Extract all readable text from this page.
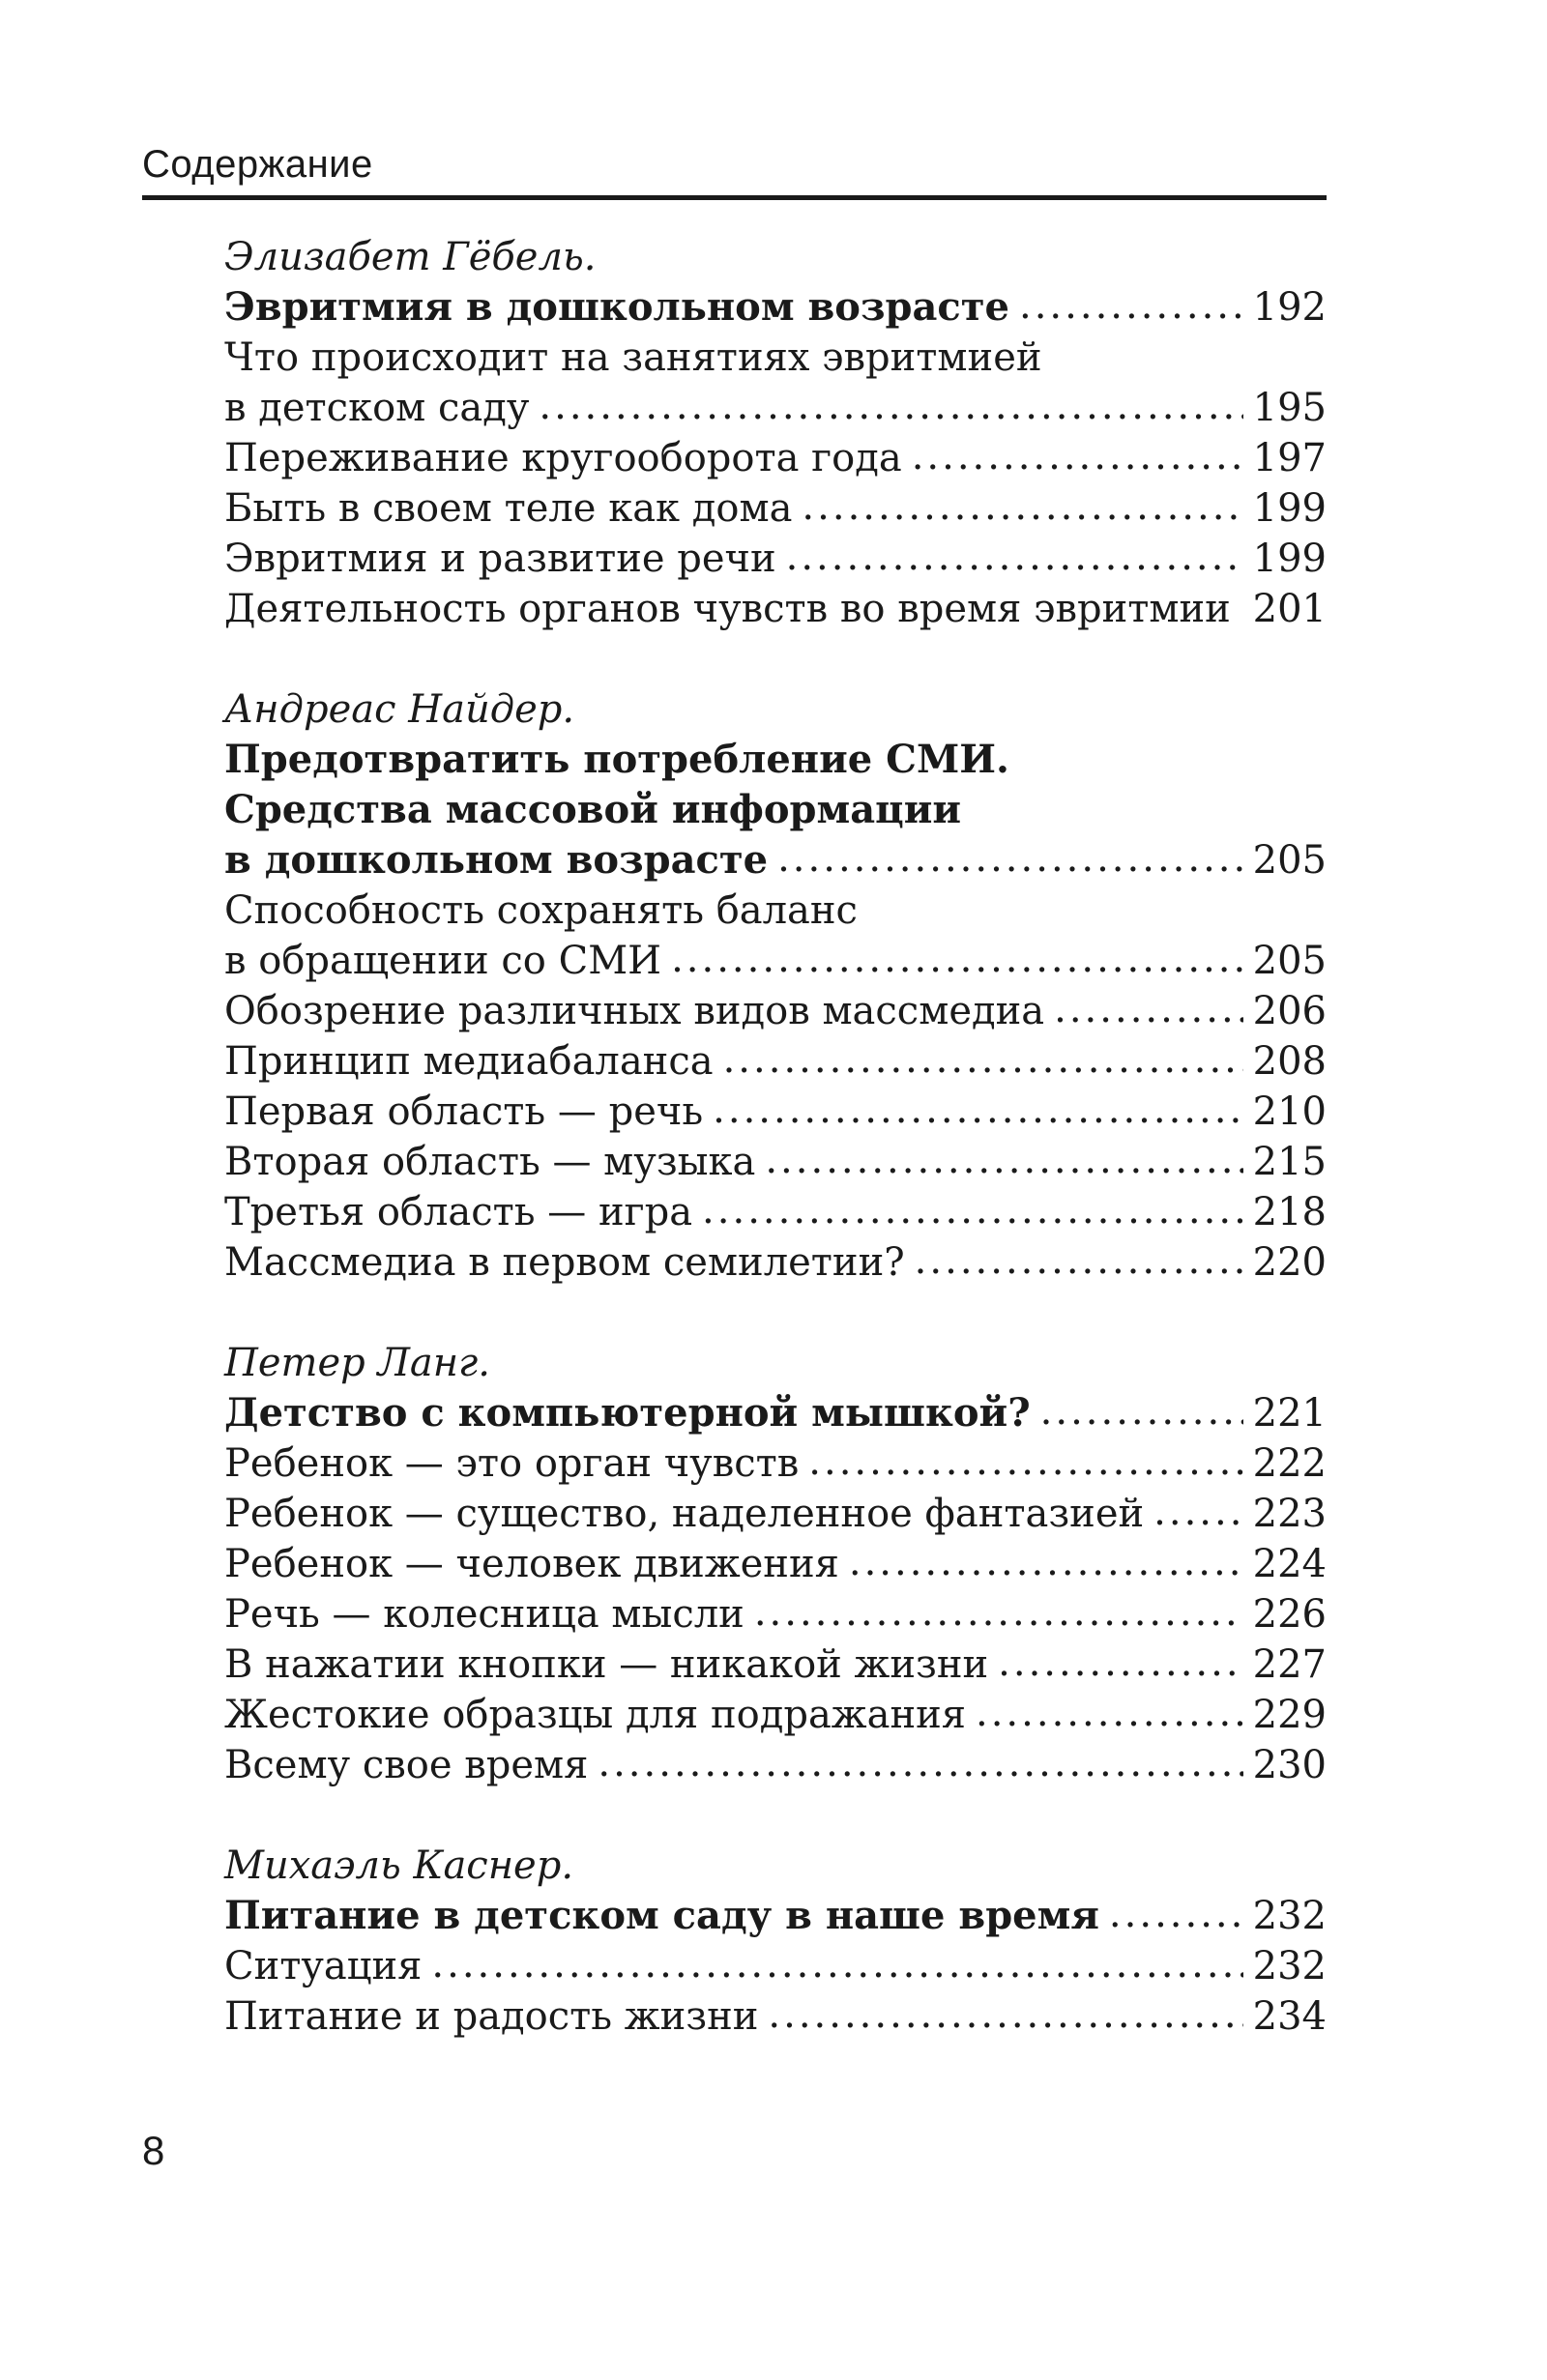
Содержание
Элизабет Гёбель.
Эвритмия в дошкольном возрасте .....	192
Что происходит на занятиях эвритмией
в детском саду .....	195
Переживание кругооборота года .....	197
Быть в своем теле как дома .....	199
Эвритмия и развитие речи .....	199
Деятельность органов чувств во время эвритмии ..... 201
Андреас Найдер.
Предотвратить потребление СМИ.
Средства массовой информации
в дошкольном возрасте .....	205
Способность сохранять баланс
в обращении со СМИ .....	205
Обозрение различных видов массмедиа .....	206
Принцип медиабаланса .....	208
Первая область — речь .....	210
Вторая область — музыка .....	215
Третья область — игра .....	218
Массмедиа в первом семилетии? .....	220
Петер Ланг.
Детство с компьютерной мышкой? .....	221
Ребенок — это орган чувств .....	222
Ребенок — существо, наделенное фантазией .....	223
Ребенок — человек движения .....	224
Речь — колесница мысли .....	226
В нажатии кнопки — никакой жизни .....	227
Жестокие образцы для подражания .....	229
Всему свое время .....	230
Михаэль Каснер.
Питание в детском саду в наше время .....	232
Ситуация .....	232
Питание и радость жизни .....	234
8
